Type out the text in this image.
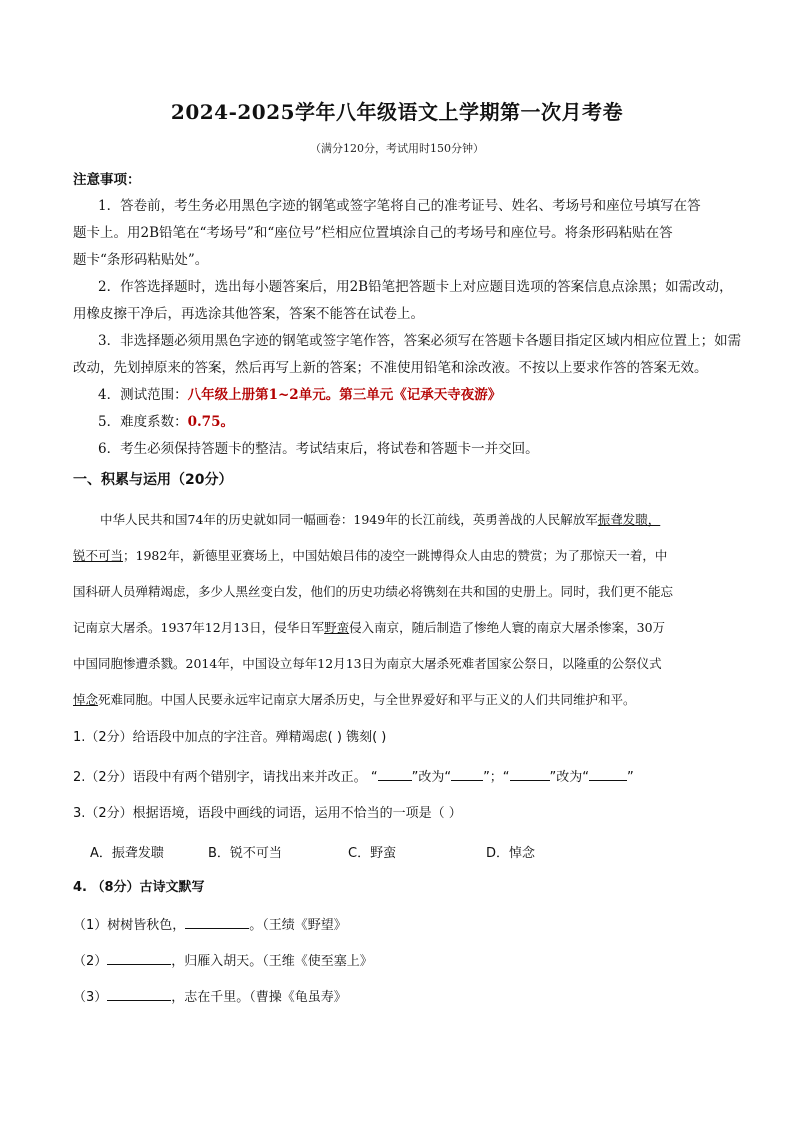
2024-2025学年八年级语文上学期第一次月考卷
（满分120分，考试用时150分钟）
注意事项：
1．答卷前，考生务必用黑色字迹的钢笔或签字笔将自己的准考证号、姓名、考场号和座位号填写在答
题卡上。用2B铅笔在“考场号”和“座位号”栏相应位置填涂自己的考场号和座位号。将条形码粘贴在答
题卡“条形码粘贴处”。
2．作答选择题时，选出每小题答案后，用2B铅笔把答题卡上对应题目选项的答案信息点涂黑；如需改动，
用橡皮擦干净后，再选涂其他答案，答案不能答在试卷上。
3．非选择题必须用黑色字迹的钢笔或签字笔作答，答案必须写在答题卡各题目指定区域内相应位置上；如需
改动，先划掉原来的答案，然后再写上新的答案；不准使用铅笔和涂改液。不按以上要求作答的答案无效。
4．测试范围：八年级上册第1~2单元。第三单元《记承天寺夜游》
5．难度系数：0.75。
6．考生必须保持答题卡的整洁。考试结束后，将试卷和答题卡一并交回。
一、积累与运用（20分）
中华人民共和国74年的历史就如同一幅画卷：1949年的长江前线，英勇善战的人民解放军振聋发聩，
锐不可当；1982年，新德里亚赛场上，中国姑娘吕伟的凌空一跳博得众人由忠的赞赏；为了那惊天一着，中
国科研人员殚精竭虑，多少人黑丝变白发，他们的历史功绩必将镌刻在共和国的史册上。同时，我们更不能忘
记南京大屠杀。1937年12月13日，侵华日军野蛮侵入南京，随后制造了惨绝人寰的南京大屠杀惨案，30万
中国同胞惨遭杀戮。2014年，中国设立每年12月13日为南京大屠杀死难者国家公祭日，以隆重的公祭仪式
悼念死难同胞。中国人民要永远牢记南京大屠杀历史，与全世界爱好和平与正义的人们共同维护和平。
1.（2分）给语段中加点的字注音。殚精竭虑( ) 镌刻( )
2.（2分）语段中有两个错别字，请找出来并改正。 “	”改为“ ”；“	”改为“	”
3.（2分）根据语境，语段中画线的词语，运用不恰当的一项是（ ）
A．振聋发聩	B．锐不可当	C．野蛮	D．悼念
4. （8分）古诗文默写
（1）树树皆秋色，	。（王绩《野望》
（2）	，归雁入胡天。（王维《使至塞上》
（3）	，志在千里。（曹操《龟虽寿》
